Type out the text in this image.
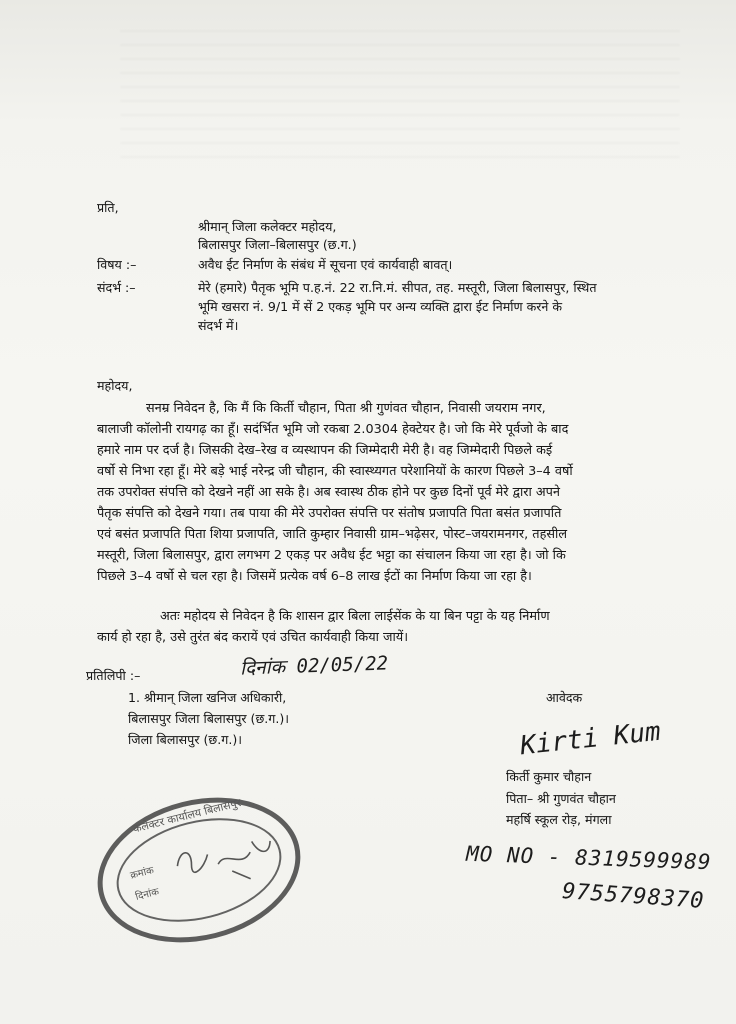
प्रति,
श्रीमान् जिला कलेक्टर महोदय,
बिलासपुर जिला–बिलासपुर (छ.ग.)
विषय :–	अवैध ईट निर्माण के संबंध में सूचना एवं कार्यवाही बावत्।
संदर्भ :–	मेरे (हमारे) पैतृक भूमि प.ह.नं. 22 रा.नि.मं. सीपत, तह. मस्तूरी, जिला बिलासपुर, स्थित
भूमि खसरा नं. 9/1 में सें 2 एकड़ भूमि पर अन्य व्यक्ति द्वारा ईट निर्माण करने के
संदर्भ में।
महोदय,
सनम्र निवेदन है, कि मैं कि किर्ती चौहान, पिता श्री गुणंवत चौहान, निवासी जयराम नगर,
बालाजी कॉलोनी रायगढ़ का हूँ। सदंर्भित भूमि जो रकबा 2.0304 हेक्टेयर है। जो कि मेरे पूर्वजो के बाद
हमारे नाम पर दर्ज है। जिसकी देख–रेख व व्यस्थापन की जिम्मेदारी मेरी है। वह जिम्मेदारी पिछले कई
वर्षो से निभा रहा हूँ। मेरे बड़े भाई नरेन्द्र जी चौहान, की स्वास्थ्यगत परेशानियों के कारण पिछले 3–4 वर्षो
तक उपरोक्त संपत्ति को देखने नहीं आ सके है। अब स्वास्थ ठीक होने पर कुछ दिनों पूर्व मेरे द्वारा अपने
पैतृक संपत्ति को देखने गया। तब पाया की मेरे उपरोक्त संपत्ति पर संतोष प्रजापति पिता बसंत प्रजापति
एवं बसंत प्रजापति पिता शिया प्रजापति, जाति कुम्हार निवासी ग्राम–भढ़ेसर, पोस्ट–जयरामनगर, तहसील
मस्तूरी, जिला बिलासपुर, द्वारा लगभग 2 एकड़ पर अवैध ईट भट्टा का संचालन किया जा रहा है। जो कि
पिछले 3–4 वर्षो से चल रहा है। जिसमें प्रत्येक वर्ष 6–8 लाख ईटों का निर्माण किया जा रहा है।
अतः महोदय से निवेदन है कि शासन द्वार बिला लाईसेंक के या बिन पट्टा के यह निर्माण
कार्य हो रहा है, उसे तुरंत बंद करायें एवं उचित कार्यवाही किया जायें।
प्रतिलिपी :–
1. श्रीमान् जिला खनिज अधिकारी,
बिलासपुर जिला बिलासपुर (छ.ग.)।
जिला बिलासपुर (छ.ग.)।
दिनांक 02/05/22
आवेदक
Kirti Kum
किर्ती कुमार चौहान
पिता– श्री गुणवंत चौहान
महर्षि स्कूल रोड़, मंगला
MO NO - 8319599989
9755798370
कलेक्टर कार्यालय बिलासपुर
क्रमांक
दिनांक
